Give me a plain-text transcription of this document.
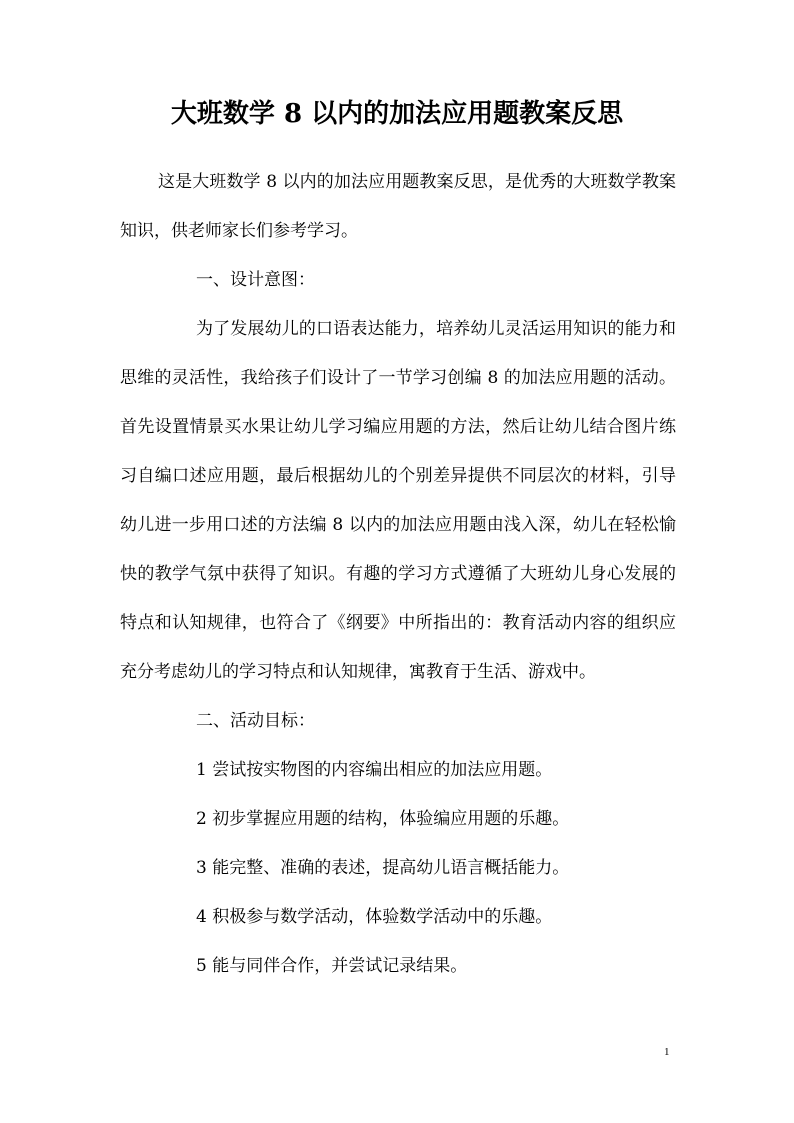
大班数学 8 以内的加法应用题教案反思

这是大班数学 8 以内的加法应用题教案反思，是优秀的大班数学教案知识，供老师家长们参考学习。

一、设计意图：

为了发展幼儿的口语表达能力，培养幼儿灵活运用知识的能力和思维的灵活性，我给孩子们设计了一节学习创编 8 的加法应用题的活动。首先设置情景买水果让幼儿学习编应用题的方法，然后让幼儿结合图片练习自编口述应用题，最后根据幼儿的个别差异提供不同层次的材料，引导幼儿进一步用口述的方法编 8 以内的加法应用题由浅入深，幼儿在轻松愉快的教学气氛中获得了知识。有趣的学习方式遵循了大班幼儿身心发展的特点和认知规律，也符合了《纲要》中所指出的：教育活动内容的组织应充分考虑幼儿的学习特点和认知规律，寓教育于生活、游戏中。

二、活动目标：

1 尝试按实物图的内容编出相应的加法应用题。

2 初步掌握应用题的结构，体验编应用题的乐趣。

3 能完整、准确的表述，提高幼儿语言概括能力。

4 积极参与数学活动，体验数学活动中的乐趣。

5 能与同伴合作，并尝试记录结果。

1
